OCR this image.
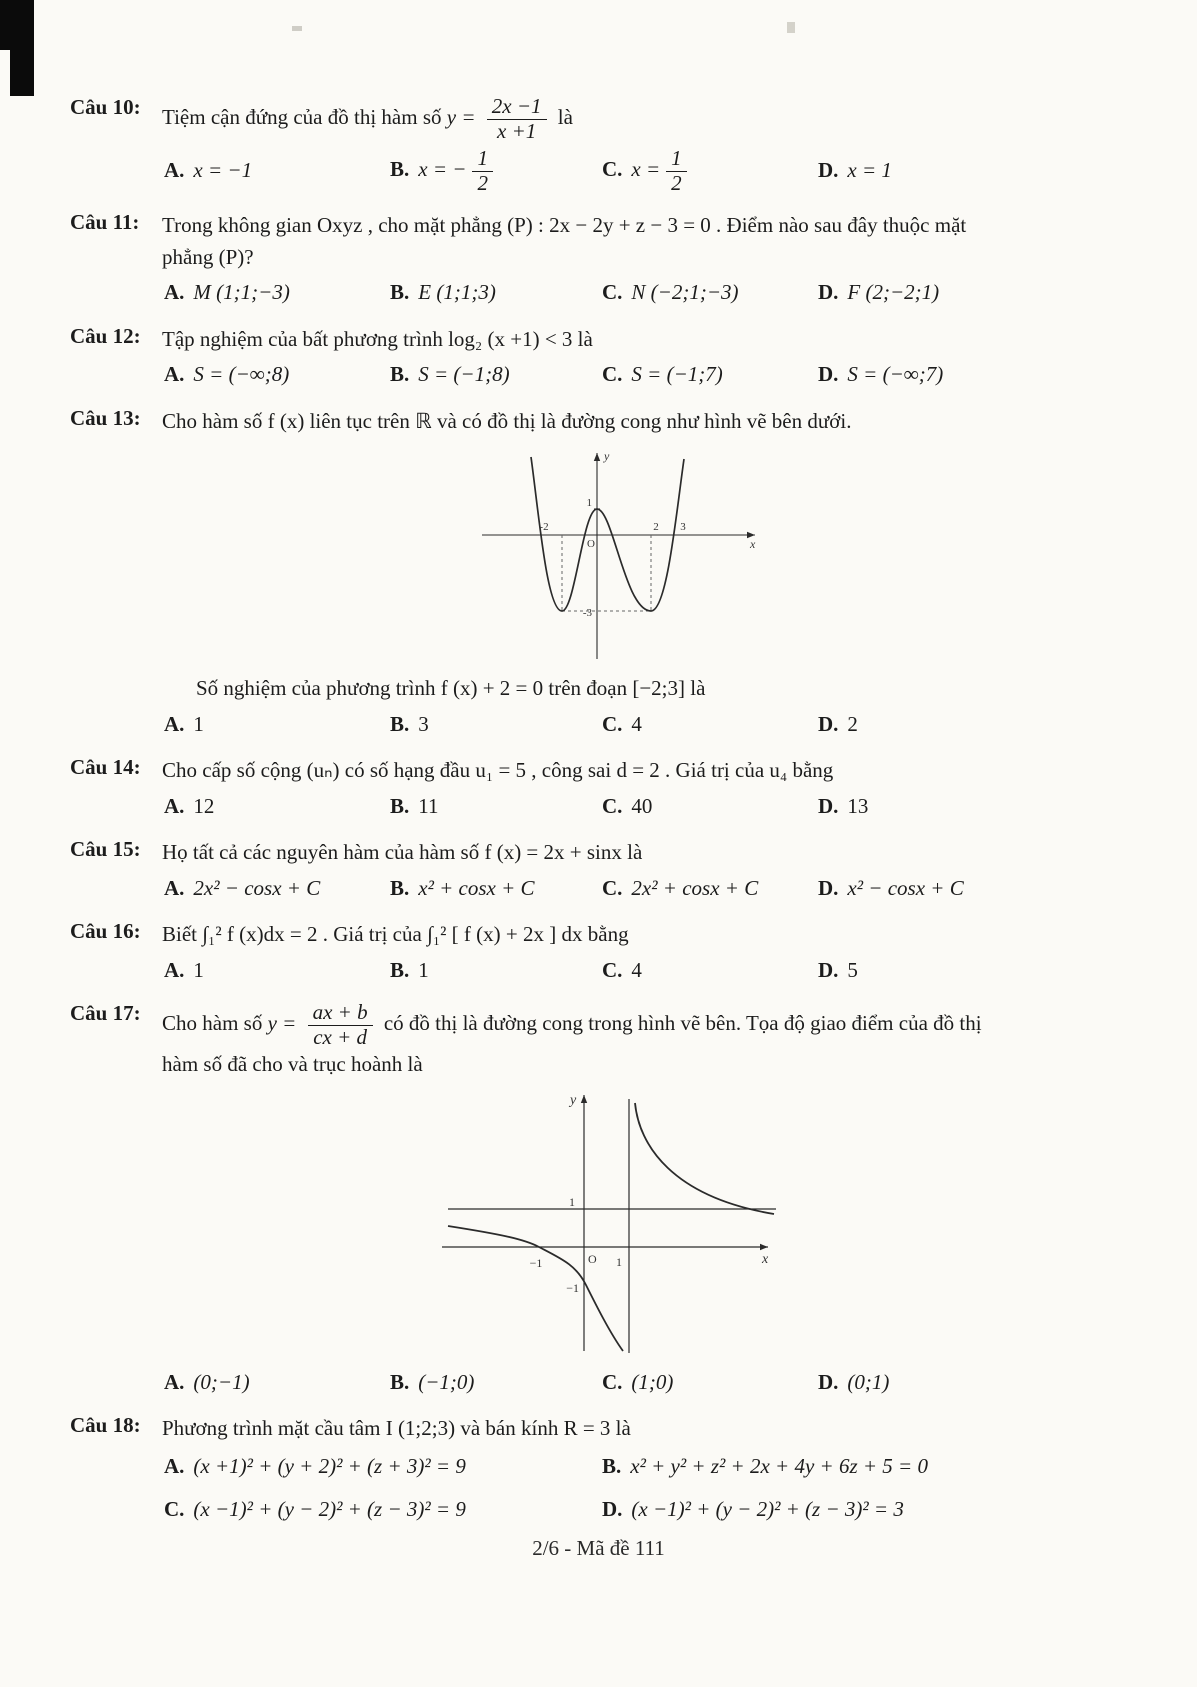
Câu 10:	Tiệm cận đứng của đồ thị hàm số $y = \frac{2x -1}{x +1}$ là
A. x = −1	B. x = − $\frac{1}{2}$	C. $x = \frac{1}{2}$	D. x = 1
Câu 11:	Trong không gian Oxyz , cho mặt phẳng (P) : 2x − 2y + z − 3 = 0 . Điểm nào sau đây thuộc mặt
phẳng (P)?
A. M (1;1;−3)	B. E (1;1;3)	C. N (−2;1;−3)	D. F (2;−2;1)
Câu 12:	Tập nghiệm của bất phương trình log₂ (x +1) < 3 là
A. S = (−∞;8)	B. S = (−1;8)	C. S = (−1;7)	D. S = (−∞;7)
Câu 13:	Cho hàm số f (x) liên tục trên ℝ và có đồ thị là đường cong như hình vẽ bên dưới.
y
x
O
1
-2	2 3
-3
Số nghiệm của phương trình f (x) + 2 = 0 trên đoạn [−2;3] là
A. 1	B. 3	C. 4	D. 2
Câu 14:	Cho cấp số cộng (uₙ) có số hạng đầu u₁ = 5 , công sai d = 2 . Giá trị của u₄ bằng
A. 12	B. 11	C. 40	D. 13
Câu 15:	Họ tất cả các nguyên hàm của hàm số f (x) = 2x + sinx là
A. 2x² − cosx + C	B. x² + cosx + C	C. 2x² + cosx + C	D. x² − cosx + C
Câu 16:	Biết ∫₁² f (x)dx = 2 . Giá trị của ∫₁² [ f (x) + 2x ] dx bằng
A. 1	B. 1	C. 4	D. 5
Câu 17:	Cho hàm số $y = \frac{ax + b}{cx + d}$ có đồ thị là đường cong trong hình vẽ bên. Tọa độ giao điểm của đồ thị
hàm số đã cho và trục hoành là
y
x
O
−1	1
1
−1
A. (0;−1)	B. (−1;0)	C. (1;0)	D. (0;1)
Câu 18:	Phương trình mặt cầu tâm I (1;2;3) và bán kính R = 3 là
A. (x +1)² + (y + 2)² + (z + 3)² = 9	B. x² + y² + z² + 2x + 4y + 6z + 5 = 0
C. (x −1)² + (y − 2)² + (z − 3)² = 9	D. (x −1)² + (y − 2)² + (z − 3)² = 3
2/6 - Mã đề 111
